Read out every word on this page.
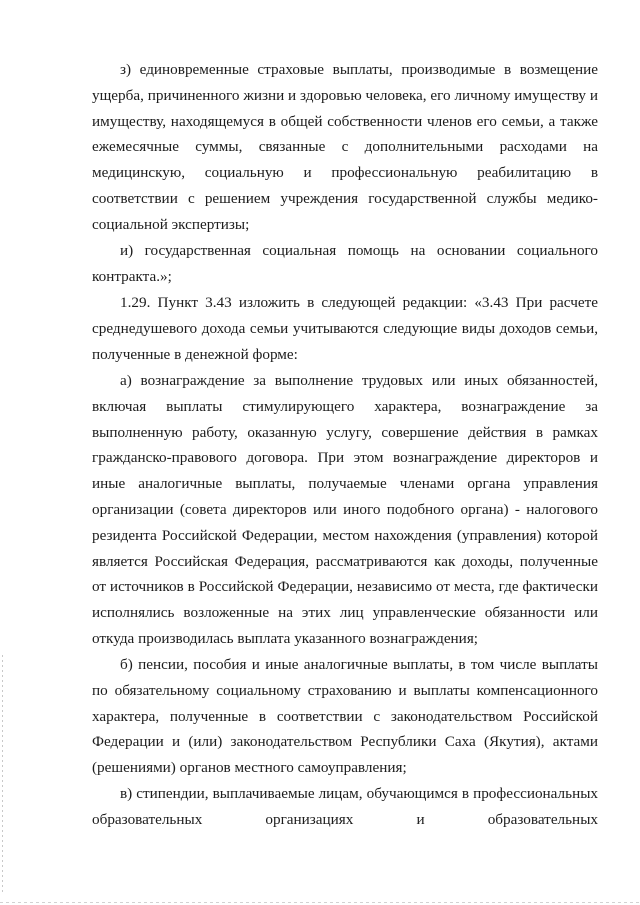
з) единовременные страховые выплаты, производимые в возмещение ущерба, причиненного жизни и здоровью человека, его личному имуществу и имуществу, находящемуся в общей собственности членов его семьи, а также ежемесячные суммы, связанные с дополнительными расходами на медицинскую, социальную и профессиональную реабилитацию в соответствии с решением учреждения государственной службы медико-социальной экспертизы;

и) государственная социальная помощь на основании социального контракта.»;

1.29. Пункт 3.43 изложить в следующей редакции: «3.43 При расчете среднедушевого дохода семьи учитываются следующие виды доходов семьи, полученные в денежной форме:

а) вознаграждение за выполнение трудовых или иных обязанностей, включая выплаты стимулирующего характера, вознаграждение за выполненную работу, оказанную услугу, совершение действия в рамках гражданско-правового договора. При этом вознаграждение директоров и иные аналогичные выплаты, получаемые членами органа управления организации (совета директоров или иного подобного органа) - налогового резидента Российской Федерации, местом нахождения (управления) которой является Российская Федерация, рассматриваются как доходы, полученные от источников в Российской Федерации, независимо от места, где фактически исполнялись возложенные на этих лиц управленческие обязанности или откуда производилась выплата указанного вознаграждения;

б) пенсии, пособия и иные аналогичные выплаты, в том числе выплаты по обязательному социальному страхованию и выплаты компенсационного характера, полученные в соответствии с законодательством Российской Федерации и (или) законодательством Республики Саха (Якутия), актами (решениями) органов местного самоуправления;

в) стипендии, выплачиваемые лицам, обучающимся в профессиональных образовательных организациях и образовательных
